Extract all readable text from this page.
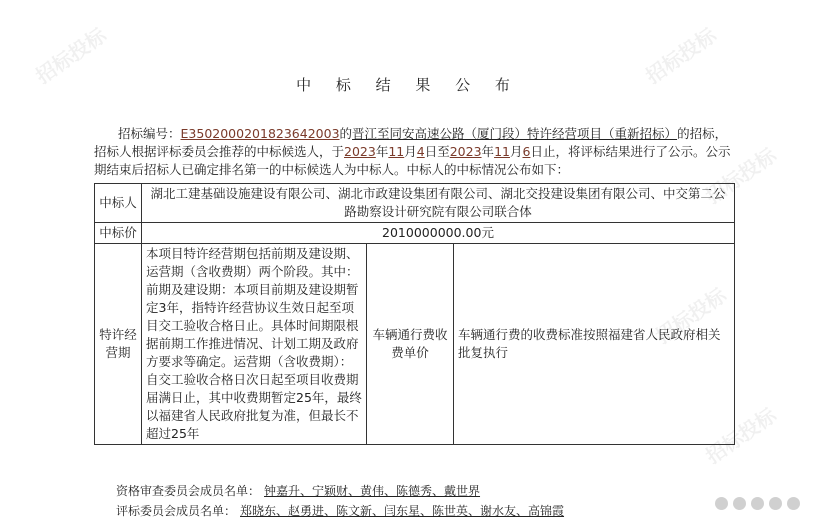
招标投标
招标投标
招标投标
招标投标
招标投标	中 标 结 果 公 布
招标编号：E3502000201823642003的晋江至同安高速公路（厦门段）特许经营项目（重新招标）的招标，招标人根据评标委员会推荐的中标候选人，于2023年11月4日至2023年11月6日止，将评标结果进行了公示。公示期结束后招标人已确定排名第一的中标候选人为中标人。中标人的中标情况公布如下：
中标人	湖北工建基础设施建设有限公司、湖北市政建设集团有限公司、湖北交投建设集团有限公司、中交第二公路勘察设计研究院有限公司联合体		
中标价	2010000000.00元		
特许经营期	本项目特许经营期包括前期及建设期、运营期（含收费期）两个阶段。其中：前期及建设期：本项目前期及建设期暂定3年，指特许经营协议生效日起至项目交工验收合格日止。具体时间期限根据前期工作推进情况、计划工期及政府方要求等确定。运营期（含收费期）：自交工验收合格日次日起至项目收费期届满日止，其中收费期暂定25年，最终以福建省人民政府批复为准，但最长不超过25年	车辆通行费收费单价	车辆通行费的收费标准按照福建省人民政府相关批复执行
资格审查委员会成员名单： 钟嘉升、宁颖财、黄伟、陈德秀、戴世界
评标委员会成员名单： 郑晓东、赵勇进、陈文新、闫东星、陈世英、谢水友、高锦霞
